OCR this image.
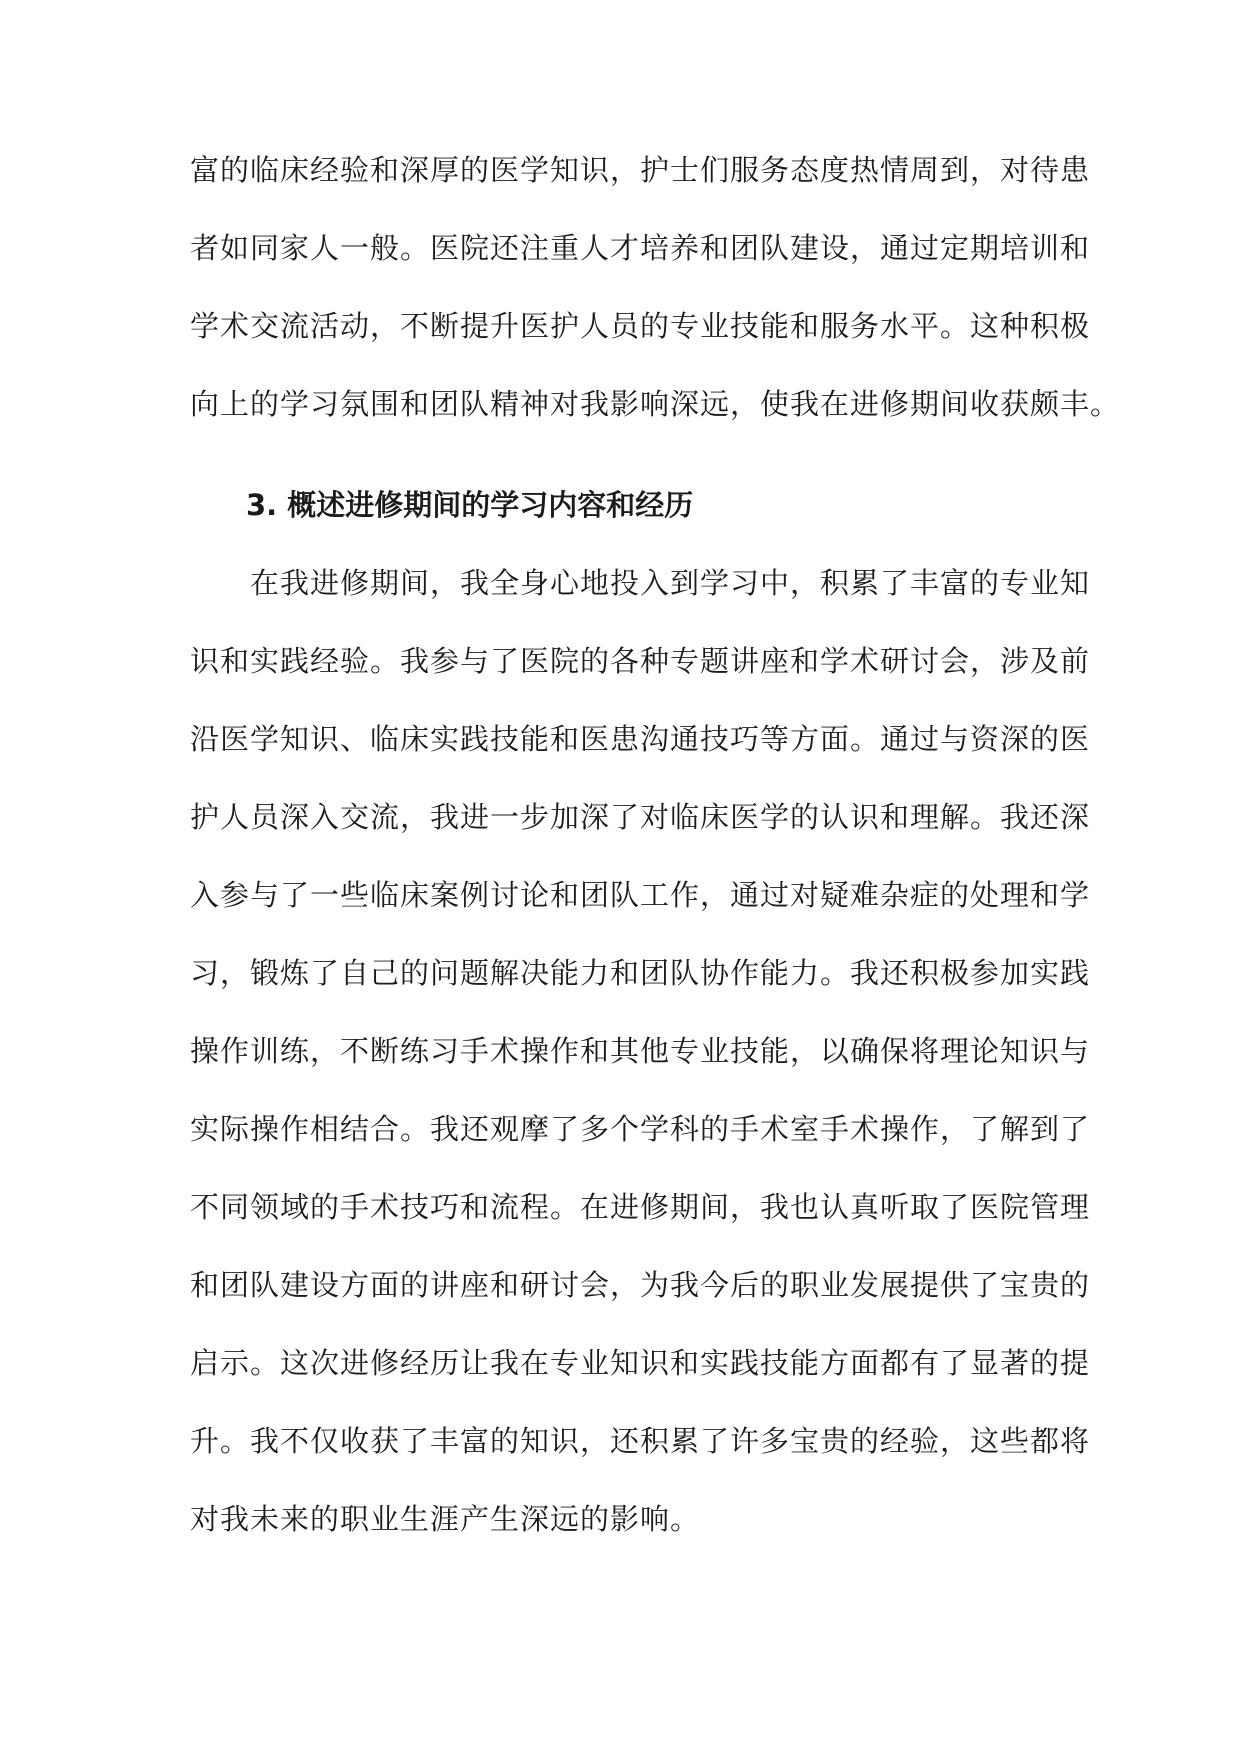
富的临床经验和深厚的医学知识，护士们服务态度热情周到，对待患
者如同家人一般。医院还注重人才培养和团队建设，通过定期培训和
学术交流活动，不断提升医护人员的专业技能和服务水平。这种积极
向上的学习氛围和团队精神对我影响深远，使我在进修期间收获颇丰。
3. 概述进修期间的学习内容和经历
　　在我进修期间，我全身心地投入到学习中，积累了丰富的专业知
识和实践经验。我参与了医院的各种专题讲座和学术研讨会，涉及前
沿医学知识、临床实践技能和医患沟通技巧等方面。通过与资深的医
护人员深入交流，我进一步加深了对临床医学的认识和理解。我还深
入参与了一些临床案例讨论和团队工作，通过对疑难杂症的处理和学
习，锻炼了自己的问题解决能力和团队协作能力。我还积极参加实践
操作训练，不断练习手术操作和其他专业技能，以确保将理论知识与
实际操作相结合。我还观摩了多个学科的手术室手术操作，了解到了
不同领域的手术技巧和流程。在进修期间，我也认真听取了医院管理
和团队建设方面的讲座和研讨会，为我今后的职业发展提供了宝贵的
启示。这次进修经历让我在专业知识和实践技能方面都有了显著的提
升。我不仅收获了丰富的知识，还积累了许多宝贵的经验，这些都将
对我未来的职业生涯产生深远的影响。
